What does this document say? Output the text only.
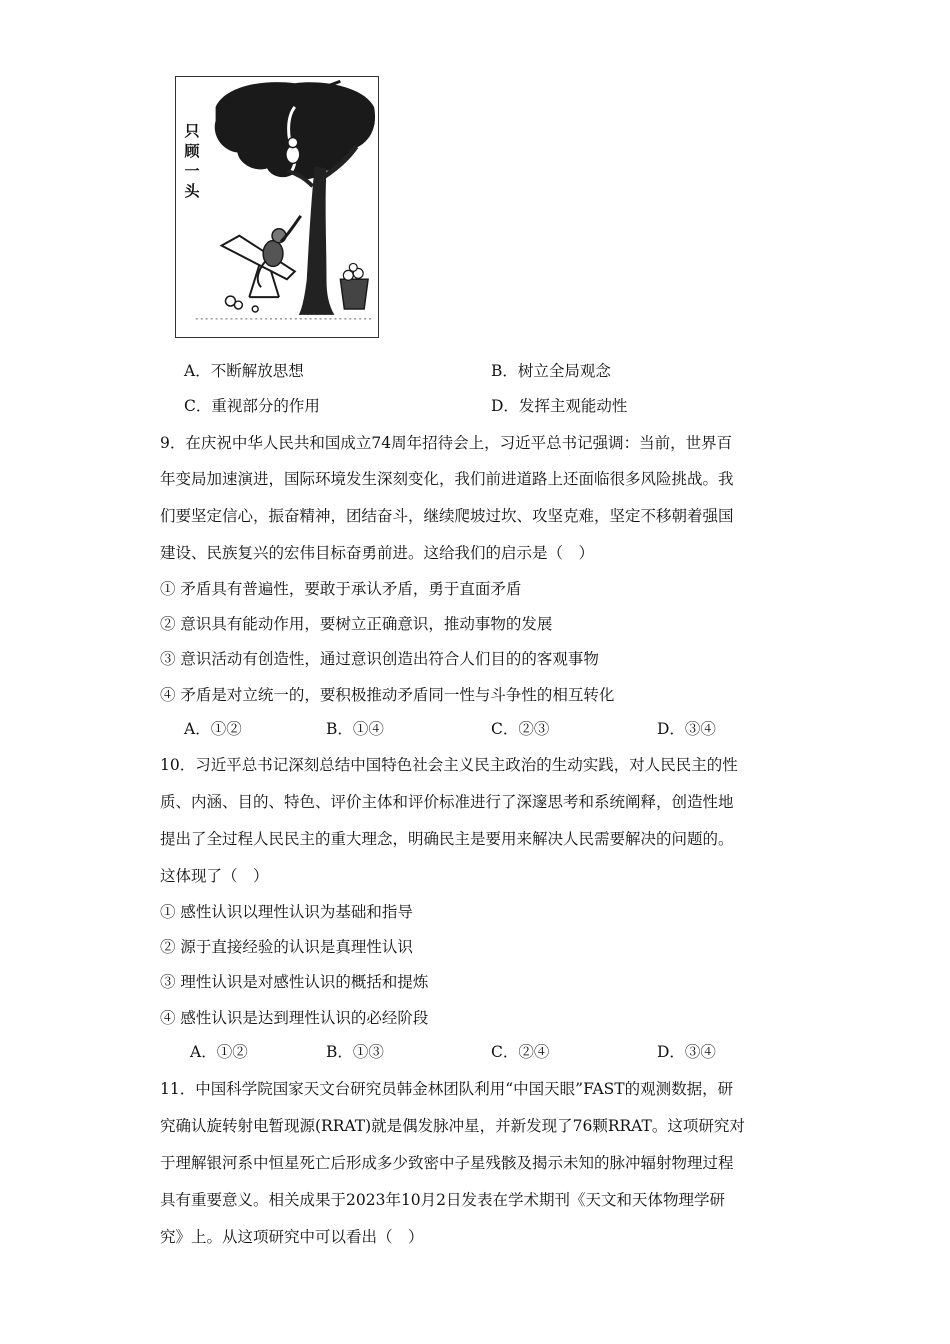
只顾一头
A．不断解放思想	B．树立全局观念
C．重视部分的作用	D．发挥主观能动性
9．在庆祝中华人民共和国成立74周年招待会上，习近平总书记强调：当前，世界百
年变局加速演进，国际环境发生深刻变化，我们前进道路上还面临很多风险挑战。我
们要坚定信心，振奋精神，团结奋斗，继续爬坡过坎、攻坚克难，坚定不移朝着强国
建设、民族复兴的宏伟目标奋勇前进。这给我们的启示是（　）
① 矛盾具有普遍性，要敢于承认矛盾，勇于直面矛盾
② 意识具有能动作用，要树立正确意识，推动事物的发展
③ 意识活动有创造性，通过意识创造出符合人们目的的客观事物
④ 矛盾是对立统一的，要积极推动矛盾同一性与斗争性的相互转化
A．①②	B．①④	C．②③	D．③④
10．习近平总书记深刻总结中国特色社会主义民主政治的生动实践，对人民民主的性
质、内涵、目的、特色、评价主体和评价标准进行了深邃思考和系统阐释，创造性地
提出了全过程人民民主的重大理念，明确民主是要用来解决人民需要解决的问题的。
这体现了（　）
① 感性认识以理性认识为基础和指导
② 源于直接经验的认识是真理性认识
③ 理性认识是对感性认识的概括和提炼
④ 感性认识是达到理性认识的必经阶段
A．①②	B．①③	C．②④	D．③④
11．中国科学院国家天文台研究员韩金林团队利用“中国天眼”FAST的观测数据，研
究确认旋转射电暂现源(RRAT)就是偶发脉冲星，并新发现了76颗RRAT。这项研究对
于理解银河系中恒星死亡后形成多少致密中子星残骸及揭示未知的脉冲辐射物理过程
具有重要意义。相关成果于2023年10月2日发表在学术期刊《天文和天体物理学研
究》上。从这项研究中可以看出（　）
